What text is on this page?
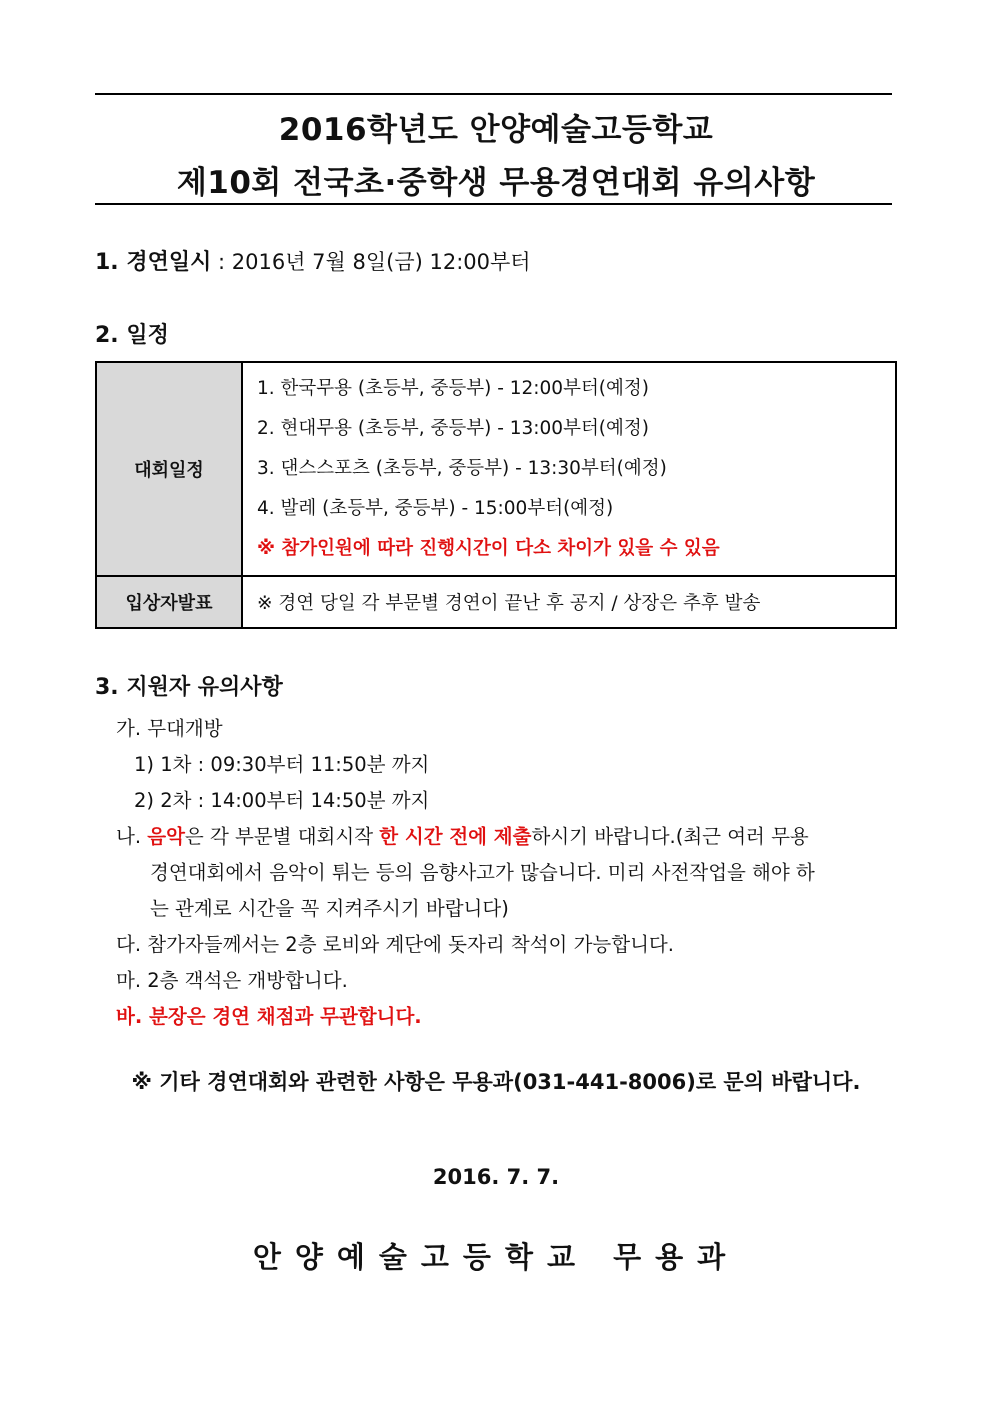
2016학년도 안양예술고등학교
제10회 전국초·중학생 무용경연대회 유의사항
1. 경연일시 : 2016년 7월 8일(금) 12:00부터
2. 일정
대회일정	1. 한국무용 (초등부, 중등부) - 12:00부터(예정)
2. 현대무용 (초등부, 중등부) - 13:00부터(예정)
3. 댄스스포츠 (초등부, 중등부) - 13:30부터(예정)
4. 발레 (초등부, 중등부) - 15:00부터(예정)
※ 참가인원에 따라 진행시간이 다소 차이가 있을 수 있음

입상자발표	※ 경연 당일 각 부문별 경연이 끝난 후 공지 / 상장은 추후 발송
3. 지원자 유의사항
가. 무대개방
1) 1차 : 09:30부터 11:50분 까지
2) 2차 : 14:00부터 14:50분 까지
나. 음악은 각 부문별 대회시작 한 시간 전에 제출하시기 바랍니다.(최근 여러 무용
경연대회에서 음악이 튀는 등의 음향사고가 많습니다. 미리 사전작업을 해야 하
는 관계로 시간을 꼭 지켜주시기 바랍니다)
다. 참가자들께서는 2층 로비와 계단에 돗자리 착석이 가능합니다.
마. 2층 객석은 개방합니다.
바. 분장은 경연 채점과 무관합니다.
※ 기타 경연대회와 관련한 사항은 무용과(031-441-8006)로 문의 바랍니다.
2016. 7. 7.
안양예술고등학교 무용과
